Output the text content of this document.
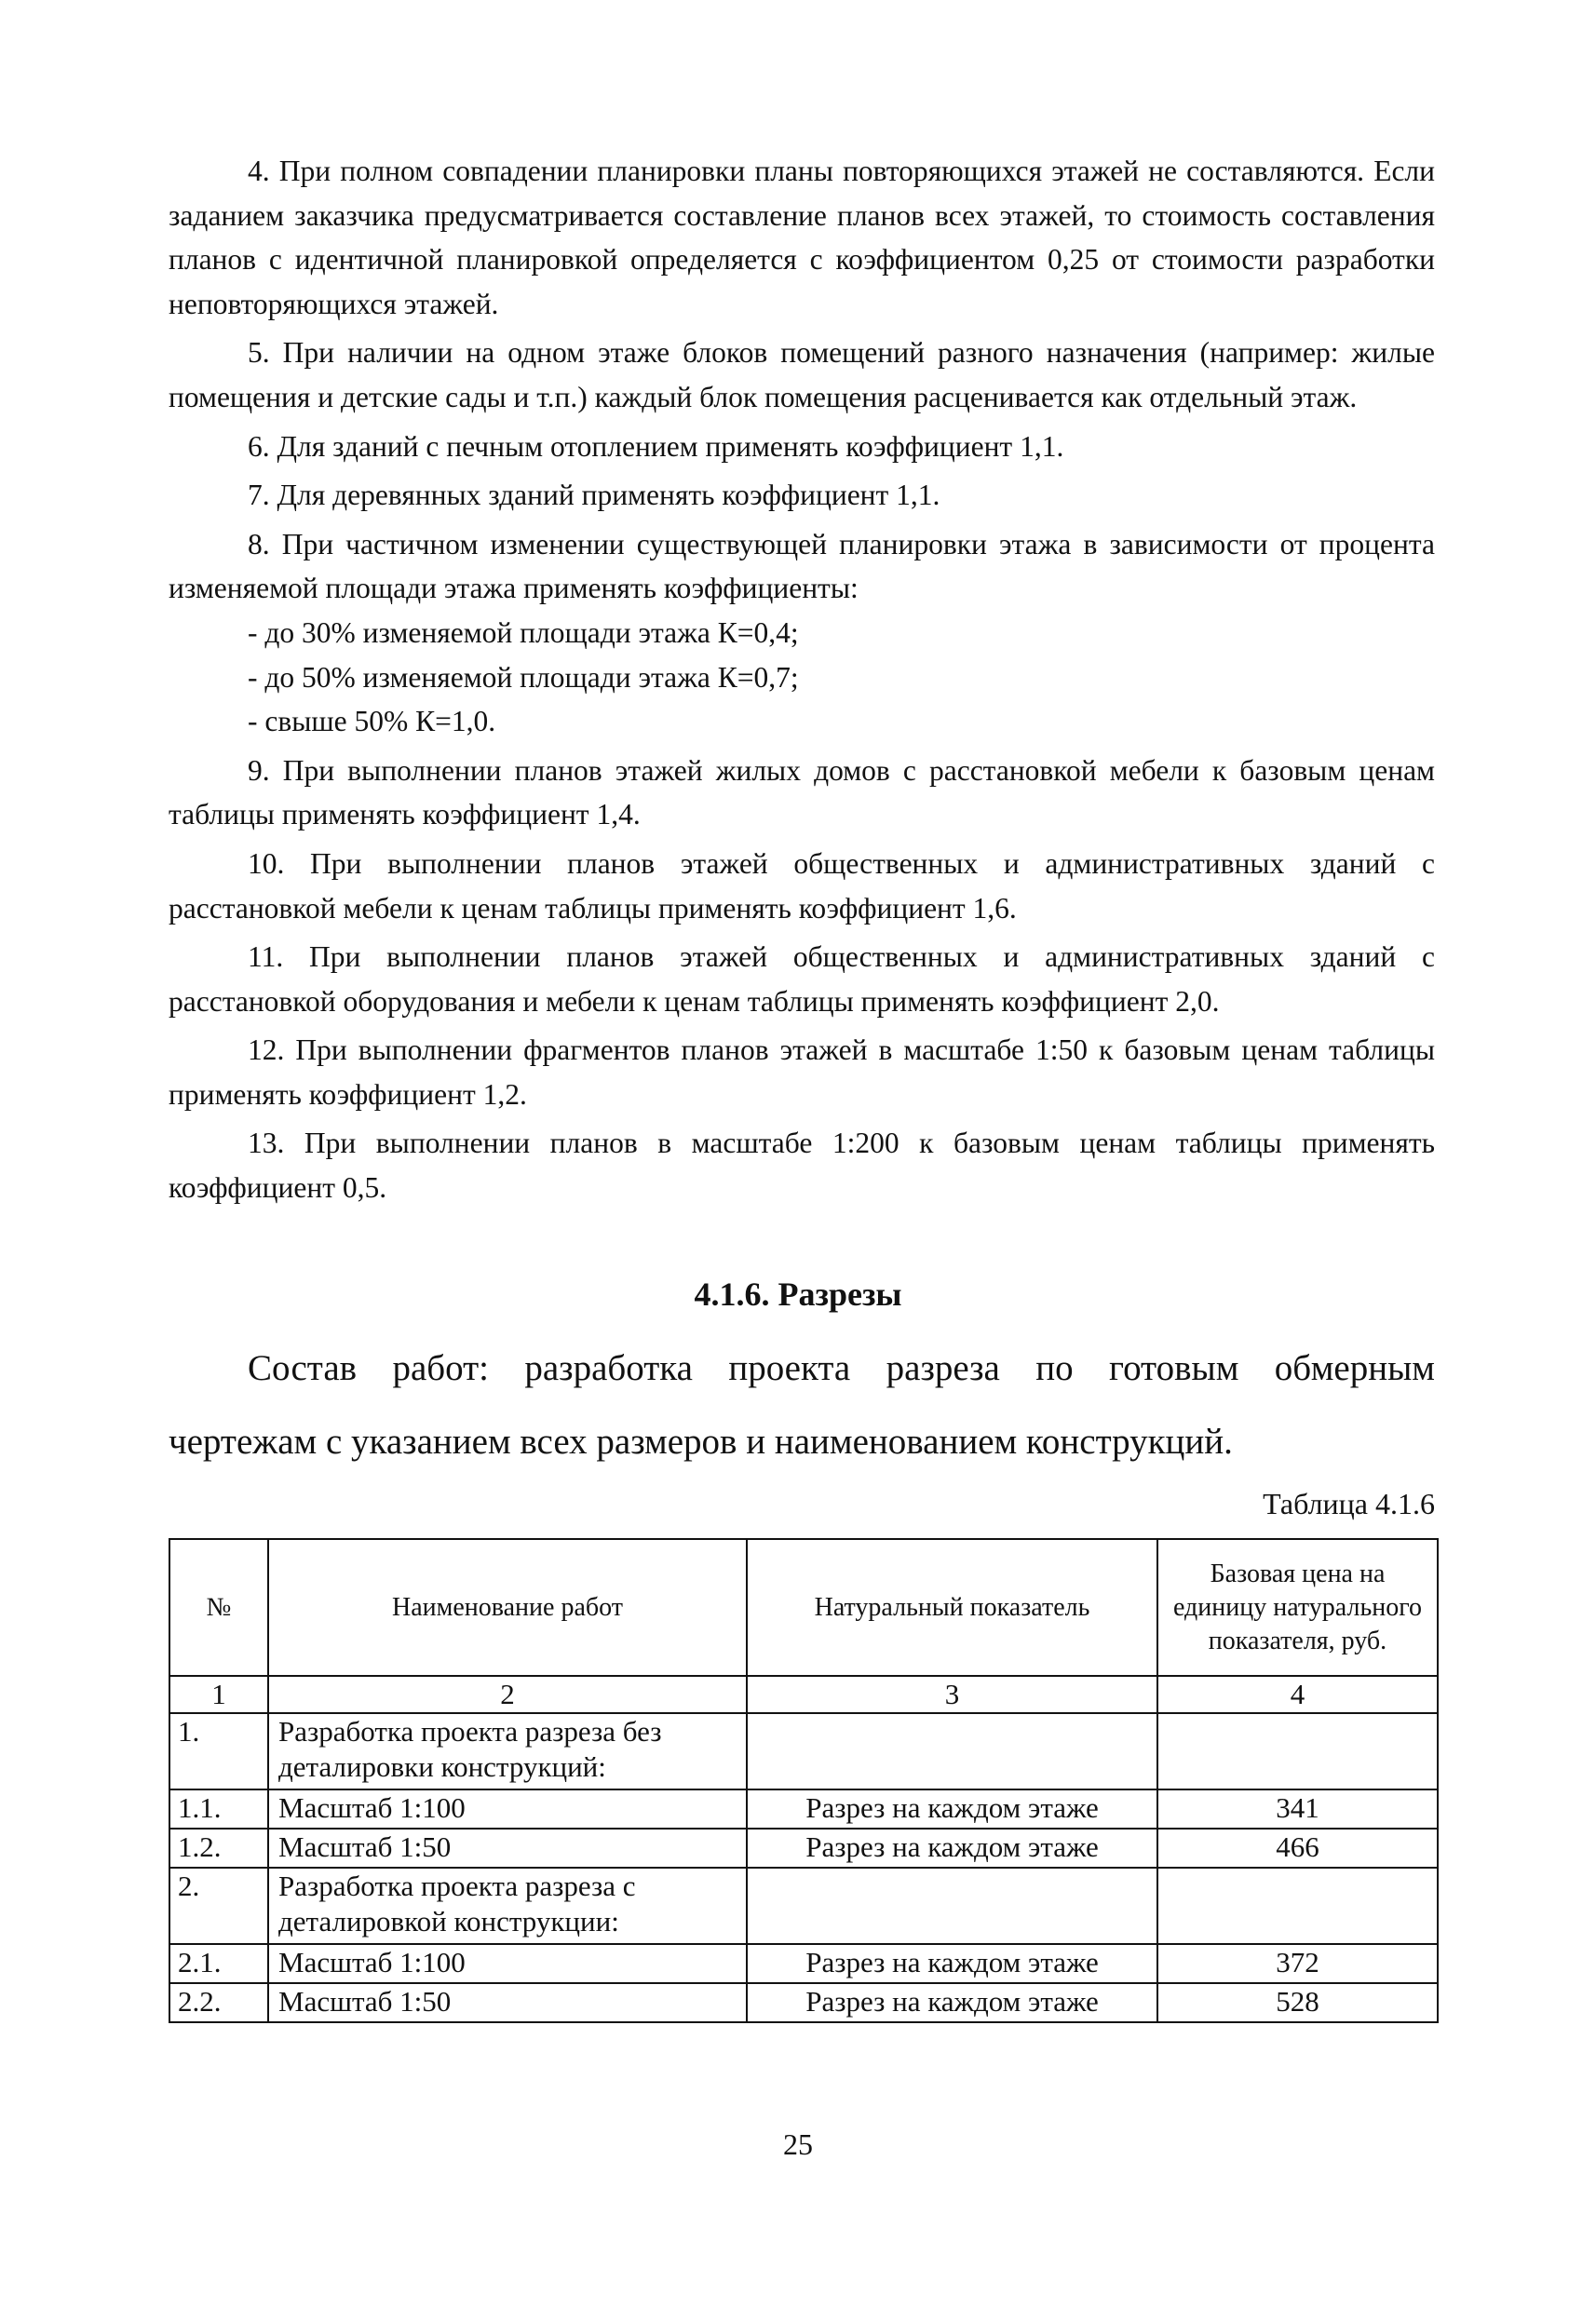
4. При полном совпадении планировки планы повторяющихся этажей не составляются. Если заданием заказчика предусматривается составление планов всех этажей, то стоимость составления планов с идентичной планировкой определяется с коэффициентом 0,25 от стоимости разработки неповторяющихся этажей.

5. При наличии на одном этаже блоков помещений разного назначения (например: жилые помещения и детские сады и т.п.) каждый блок помещения расценивается как отдельный этаж.

6. Для зданий с печным отоплением применять коэффициент 1,1.

7. Для деревянных зданий применять коэффициент 1,1.

8. При частичном изменении существующей планировки этажа в зависимости от процента изменяемой площади этажа применять коэффициенты:

- до 30% изменяемой площади этажа К=0,4;

- до 50% изменяемой площади этажа К=0,7;

- свыше 50% К=1,0.

9. При выполнении планов этажей жилых домов с расстановкой мебели к базовым ценам таблицы применять коэффициент 1,4.

10. При выполнении планов этажей общественных и административных зданий с расстановкой мебели к ценам таблицы применять коэффициент 1,6.

11. При выполнении планов этажей общественных и административных зданий с расстановкой оборудования и мебели к ценам таблицы применять коэффициент 2,0.

12. При выполнении фрагментов планов этажей в масштабе 1:50 к базовым ценам таблицы применять коэффициент 1,2.

13. При выполнении планов в масштабе 1:200 к базовым ценам таблицы применять коэффициент 0,5.

4.1.6. Разрезы

Состав работ: разработка проекта разреза по готовым обмерным

чертежам с указанием всех размеров и наименованием конструкций.
Таблица 4.1.6
№	Наименование работ	Натуральный показатель	Базовая цена на единицу натурального показателя, руб.
1	2	3	4
1.	Разработка проекта разреза без деталировки конструкций:		
1.1.	Масштаб 1:100	Разрез на каждом этаже	341
1.2.	Масштаб 1:50	Разрез на каждом этаже	466
2.	Разработка проекта разреза с деталировкой конструкции:		
2.1.	Масштаб 1:100	Разрез на каждом этаже	372
2.2.	Масштаб 1:50	Разрез на каждом этаже	528
25
